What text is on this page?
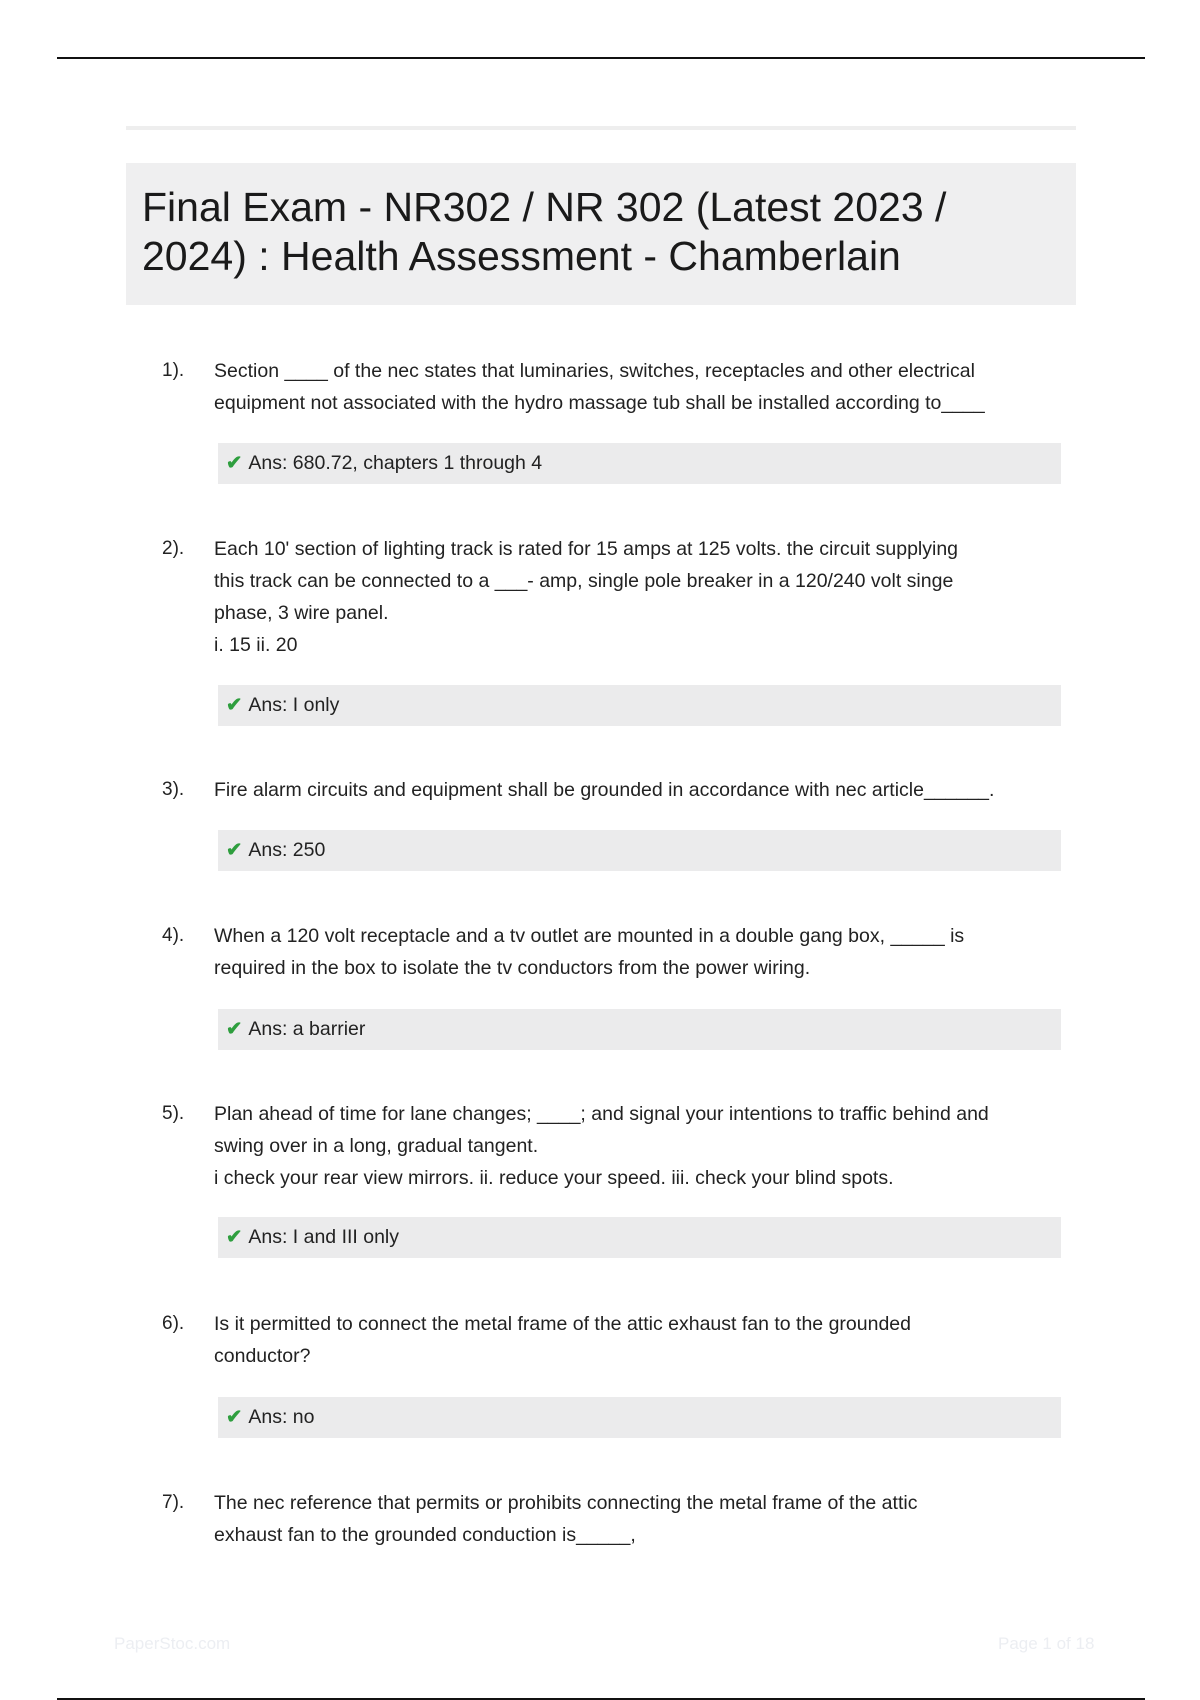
Final Exam - NR302 / NR 302 (Latest 2023 / 2024) : Health Assessment - Chamberlain
1). Section ____ of the nec states that luminaries, switches, receptacles and other electrical
equipment not associated with the hydro massage tub shall be installed according to____
✔ Ans: 680.72, chapters 1 through 4
2). Each 10' section of lighting track is rated for 15 amps at 125 volts. the circuit supplying
this track can be connected to a ___- amp, single pole breaker in a 120/240 volt singe
phase, 3 wire panel.
i. 15 ii. 20
✔ Ans: I only
3). Fire alarm circuits and equipment shall be grounded in accordance with nec article______.
✔ Ans: 250
4). When a 120 volt receptacle and a tv outlet are mounted in a double gang box, _____ is
required in the box to isolate the tv conductors from the power wiring.
✔ Ans: a barrier
5). Plan ahead of time for lane changes; ____; and signal your intentions to traffic behind and
swing over in a long, gradual tangent.
i check your rear view mirrors. ii. reduce your speed. iii. check your blind spots.
✔ Ans: I and III only
6). Is it permitted to connect the metal frame of the attic exhaust fan to the grounded
conductor?
✔ Ans: no
7). The nec reference that permits or prohibits connecting the metal frame of the attic
exhaust fan to the grounded conduction is_____,
PaperStoc.com	Page 1 of 18
